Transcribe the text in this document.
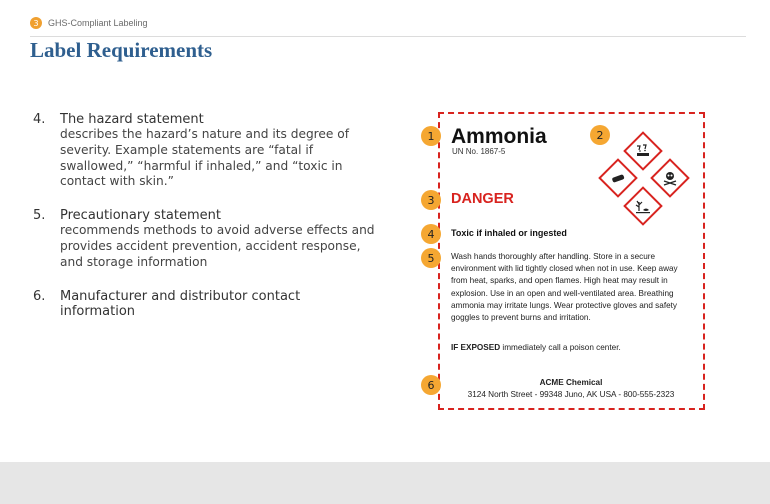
3	GHS-Compliant Labeling
Label Requirements
4.	The hazard statement
describes the hazard’s nature and its degree of severity. Example statements are “fatal if swallowed,” “harmful if inhaled,” and “toxic in contact with skin.”
5.	Precautionary statement
recommends methods to avoid adverse effects and provides accident prevention, accident response, and storage information
6.	Manufacturer and distributor contact information
1	2
3
4
5
6
Ammonia
UN No. 1867-5
DANGER
Toxic if inhaled or ingested
Wash hands thoroughly after handling. Store in a secure environment with lid tightly closed when not in use. Keep away from heat, sparks, and open flames. High heat may result in explosion. Use in an open and well-ventilated area. Breathing ammonia may irritate lungs. Wear protective gloves and safety goggles to prevent burns and irritation.
IF EXPOSED immediately call a poison center.
ACME Chemical
3124 North Street - 99348 Juno, AK USA - 800-555-2323
